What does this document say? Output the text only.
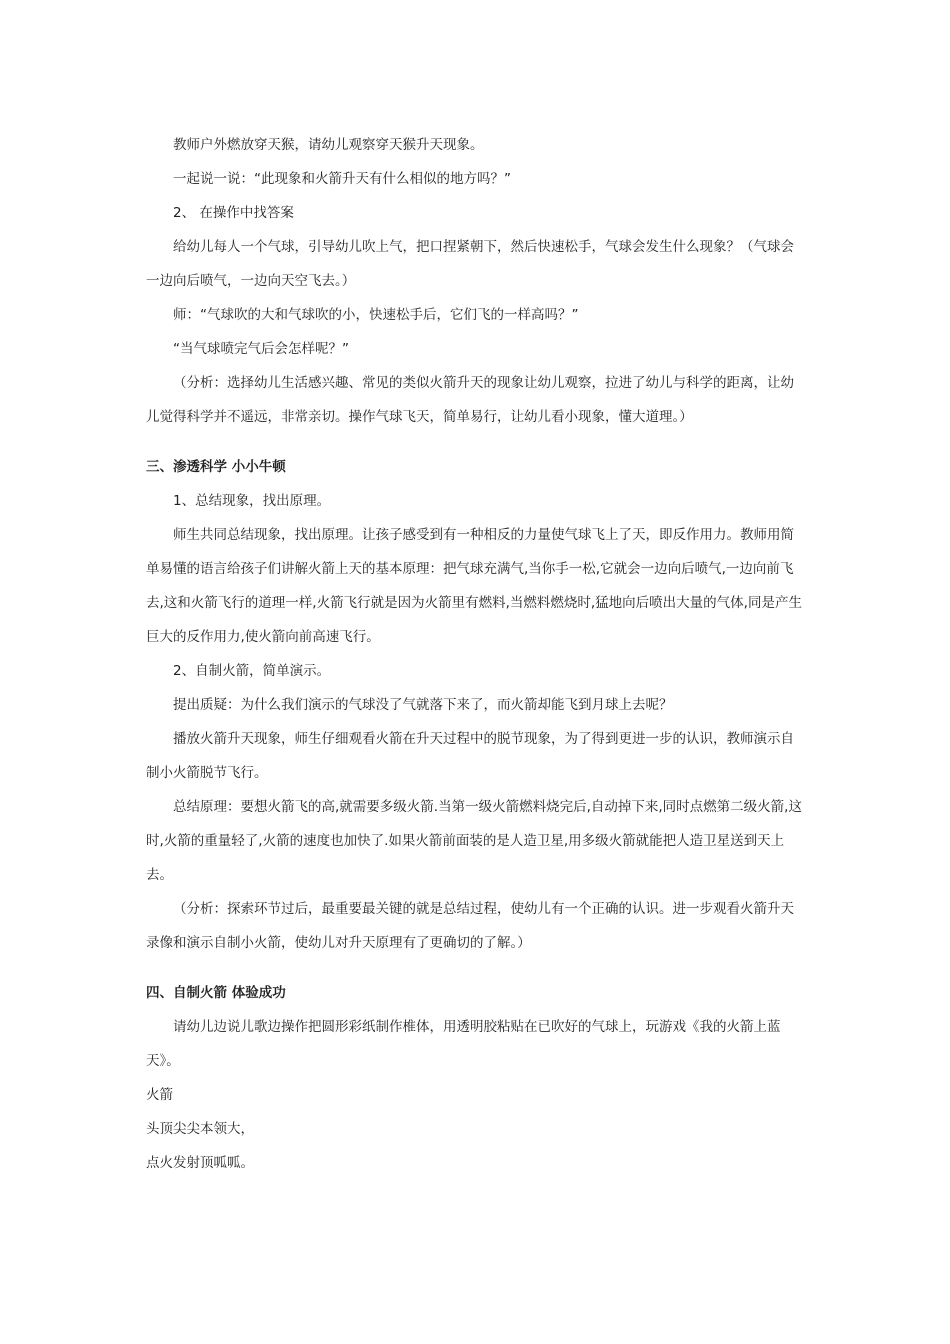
教师户外燃放穿天猴，请幼儿观察穿天猴升天现象。

一起说一说：“此现象和火箭升天有什么相似的地方吗？”

2、 在操作中找答案

给幼儿每人一个气球，引导幼儿吹上气，把口捏紧朝下，然后快速松手，气球会发生什么现象？（气球会一边向后喷气，一边向天空飞去。）

师：“气球吹的大和气球吹的小，快速松手后，它们飞的一样高吗？”

“当气球喷完气后会怎样呢？”

（分析：选择幼儿生活感兴趣、常见的类似火箭升天的现象让幼儿观察，拉进了幼儿与科学的距离，让幼儿觉得科学并不遥远，非常亲切。操作气球飞天，简单易行，让幼儿看小现象，懂大道理。）

三、渗透科学 小小牛顿

1、总结现象，找出原理。

师生共同总结现象，找出原理。让孩子感受到有一种相反的力量使气球飞上了天，即反作用力。教师用简单易懂的语言给孩子们讲解火箭上天的基本原理：把气球充满气,当你手一松,它就会一边向后喷气,一边向前飞去,这和火箭飞行的道理一样,火箭飞行就是因为火箭里有燃料,当燃料燃烧时,猛地向后喷出大量的气体,同是产生巨大的反作用力,使火箭向前高速飞行。

2、自制火箭，简单演示。

提出质疑：为什么我们演示的气球没了气就落下来了，而火箭却能飞到月球上去呢？

播放火箭升天现象，师生仔细观看火箭在升天过程中的脱节现象，为了得到更进一步的认识，教师演示自制小火箭脱节飞行。

总结原理：要想火箭飞的高,就需要多级火箭.当第一级火箭燃料烧完后,自动掉下来,同时点燃第二级火箭,这时,火箭的重量轻了,火箭的速度也加快了.如果火箭前面装的是人造卫星,用多级火箭就能把人造卫星送到天上去。

（分析：探索环节过后，最重要最关键的就是总结过程，使幼儿有一个正确的认识。进一步观看火箭升天录像和演示自制小火箭，使幼儿对升天原理有了更确切的了解。）

四、自制火箭 体验成功

请幼儿边说儿歌边操作把圆形彩纸制作椎体，用透明胶粘贴在已吹好的气球上，玩游戏《我的火箭上蓝天》。

火箭

头顶尖尖本领大，

点火发射顶呱呱。
